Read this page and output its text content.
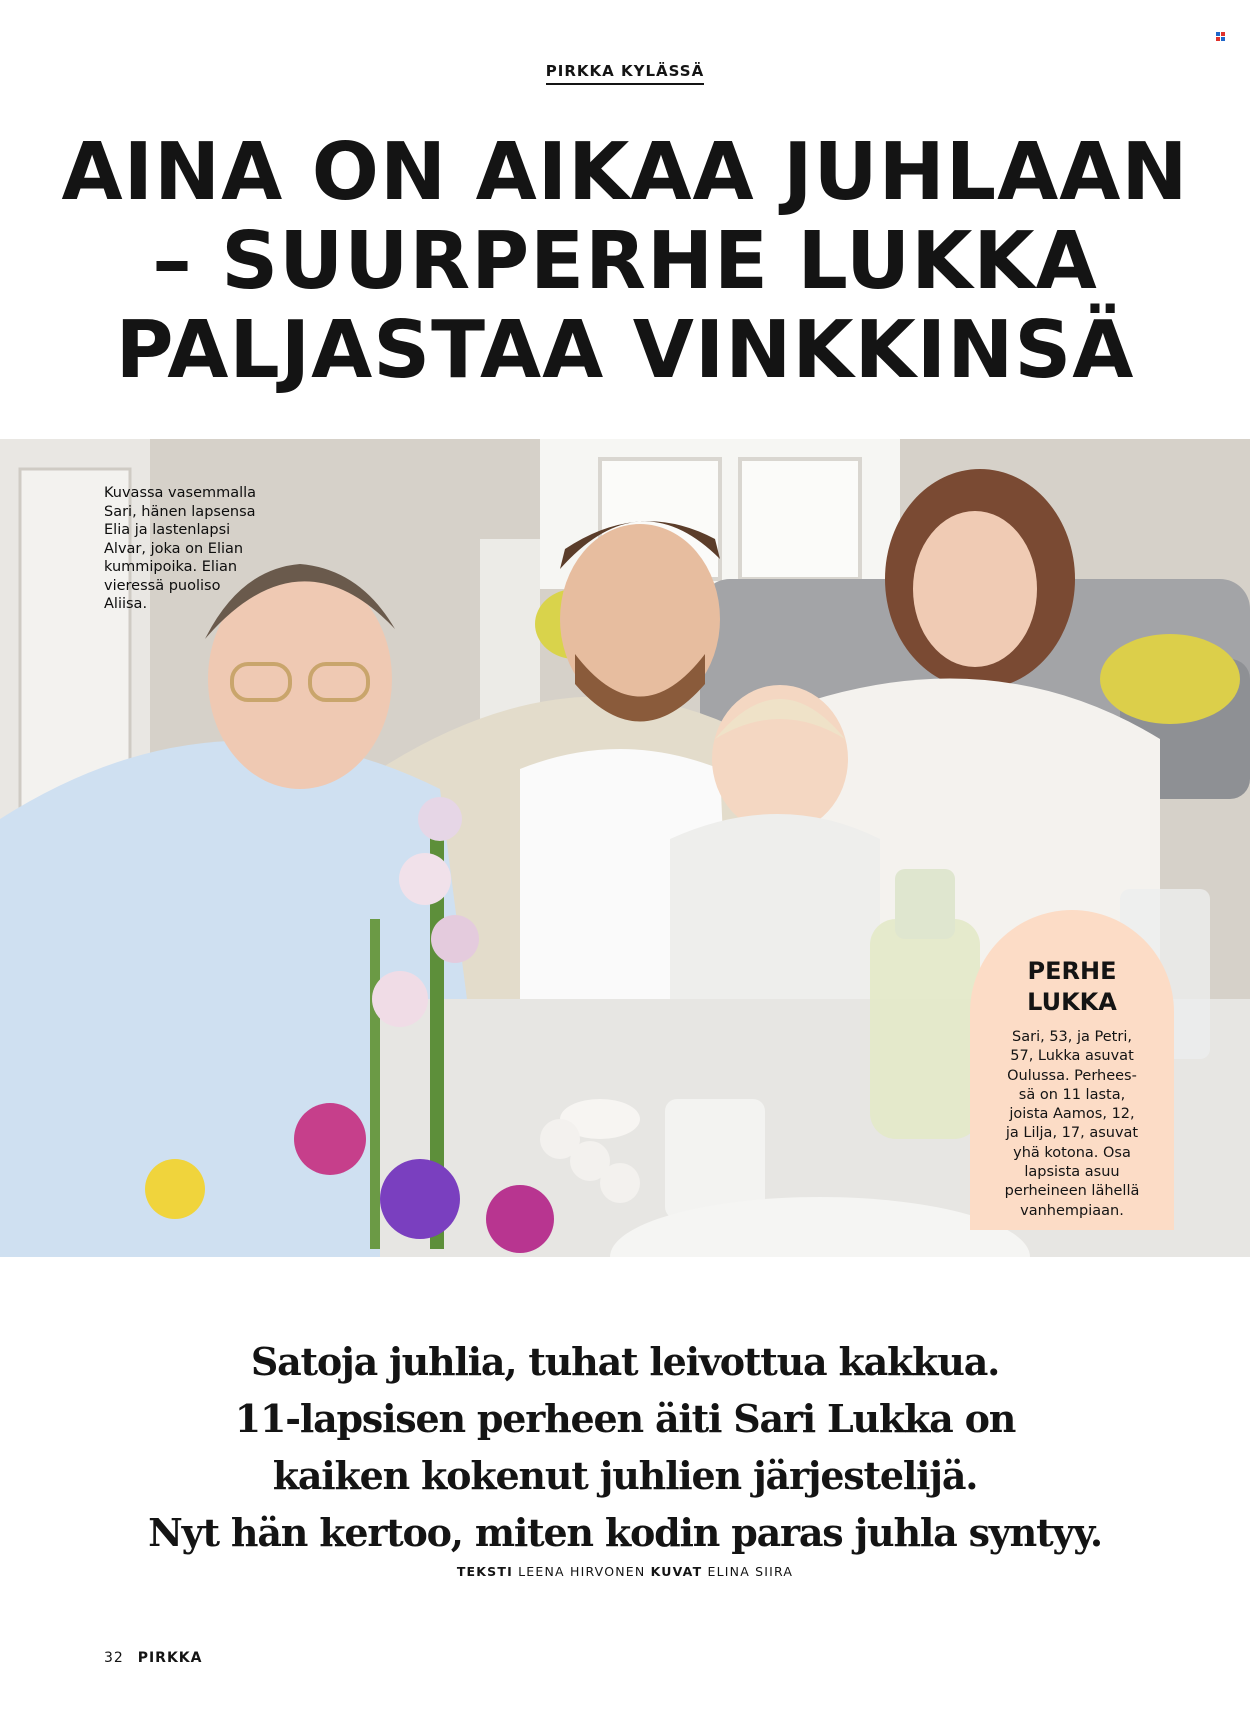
PIRKKA KYLÄSSÄ
AINA ON AIKAA JUHLAAN
– SUURPERHE LUKKA
PALJASTAA VINKKINSÄ
Kuvassa vasemmalla
Sari, hänen lapsensa
Elia ja lastenlapsi
Alvar, joka on Elian
kummipoika. Elian
vieressä puoliso
Aliisa.
PERHE
LUKKA
Sari, 53, ja Petri,
57, Lukka asuvat
Oulussa. Perhees-
sä on 11 lasta,
joista Aamos, 12,
ja Lilja, 17, asuvat
yhä kotona. Osa
lapsista asuu
perheineen lähellä
vanhempiaan.
Satoja juhlia, tuhat leivottua kakkua.
11-lapsisen perheen äiti Sari Lukka on
kaiken kokenut juhlien järjestelijä.
Nyt hän kertoo, miten kodin paras juhla syntyy.
TEKSTI LEENA HIRVONEN KUVAT ELINA SIIRA
32 PIRKKA
